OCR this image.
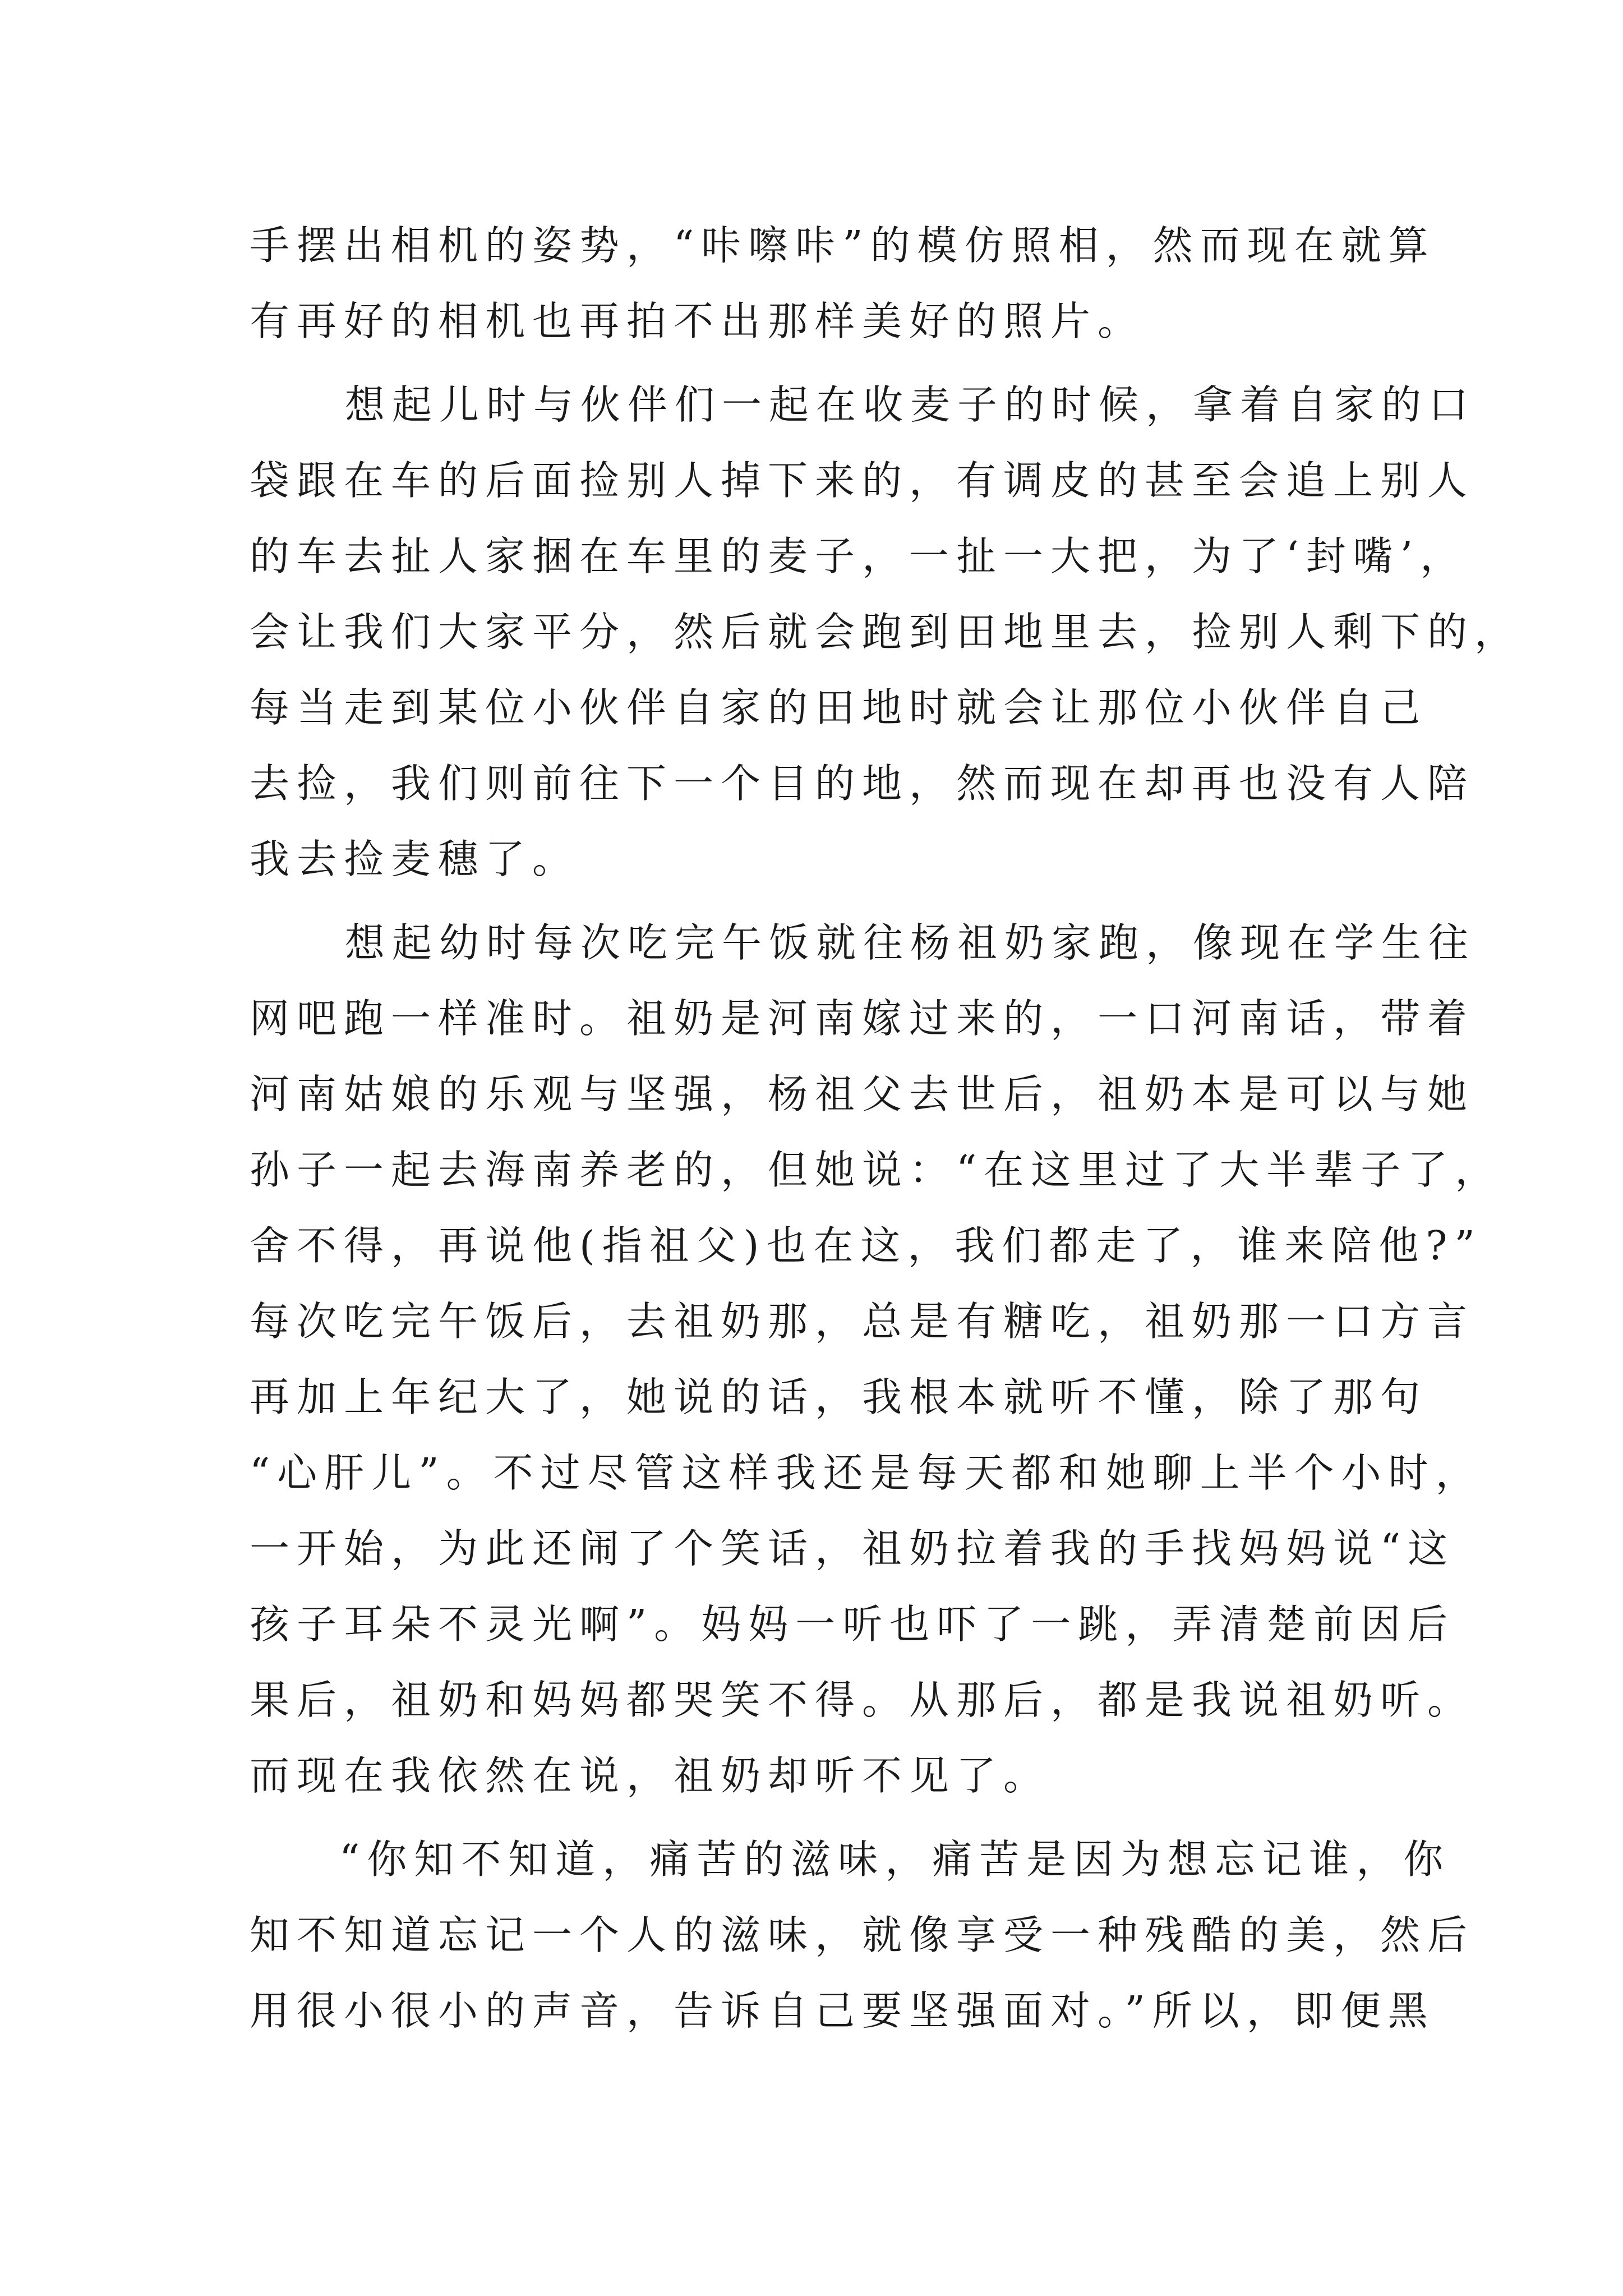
手摆出相机的姿势，“咔嚓咔”的模仿照相，然而现在就算
有再好的相机也再拍不出那样美好的照片。
想起儿时与伙伴们一起在收麦子的时候，拿着自家的口
袋跟在车的后面捡别人掉下来的，有调皮的甚至会追上别人
的车去扯人家捆在车里的麦子，一扯一大把，为了‘封嘴’，
会让我们大家平分，然后就会跑到田地里去，捡别人剩下的，
每当走到某位小伙伴自家的田地时就会让那位小伙伴自己
去捡，我们则前往下一个目的地，然而现在却再也没有人陪
我去捡麦穗了。
想起幼时每次吃完午饭就往杨祖奶家跑，像现在学生往
网吧跑一样准时。祖奶是河南嫁过来的，一口河南话，带着
河南姑娘的乐观与坚强，杨祖父去世后，祖奶本是可以与她
孙子一起去海南养老的，但她说：“在这里过了大半辈子了，
舍不得，再说他(指祖父)也在这，我们都走了，谁来陪他?”
每次吃完午饭后，去祖奶那，总是有糖吃，祖奶那一口方言
再加上年纪大了，她说的话，我根本就听不懂，除了那句
“心肝儿”。不过尽管这样我还是每天都和她聊上半个小时，
一开始，为此还闹了个笑话，祖奶拉着我的手找妈妈说“这
孩子耳朵不灵光啊”。妈妈一听也吓了一跳，弄清楚前因后
果后，祖奶和妈妈都哭笑不得。从那后，都是我说祖奶听。
而现在我依然在说，祖奶却听不见了。
“你知不知道，痛苦的滋味，痛苦是因为想忘记谁，你
知不知道忘记一个人的滋味，就像享受一种残酷的美，然后
用很小很小的声音，告诉自己要坚强面对。”所以，即便黑
